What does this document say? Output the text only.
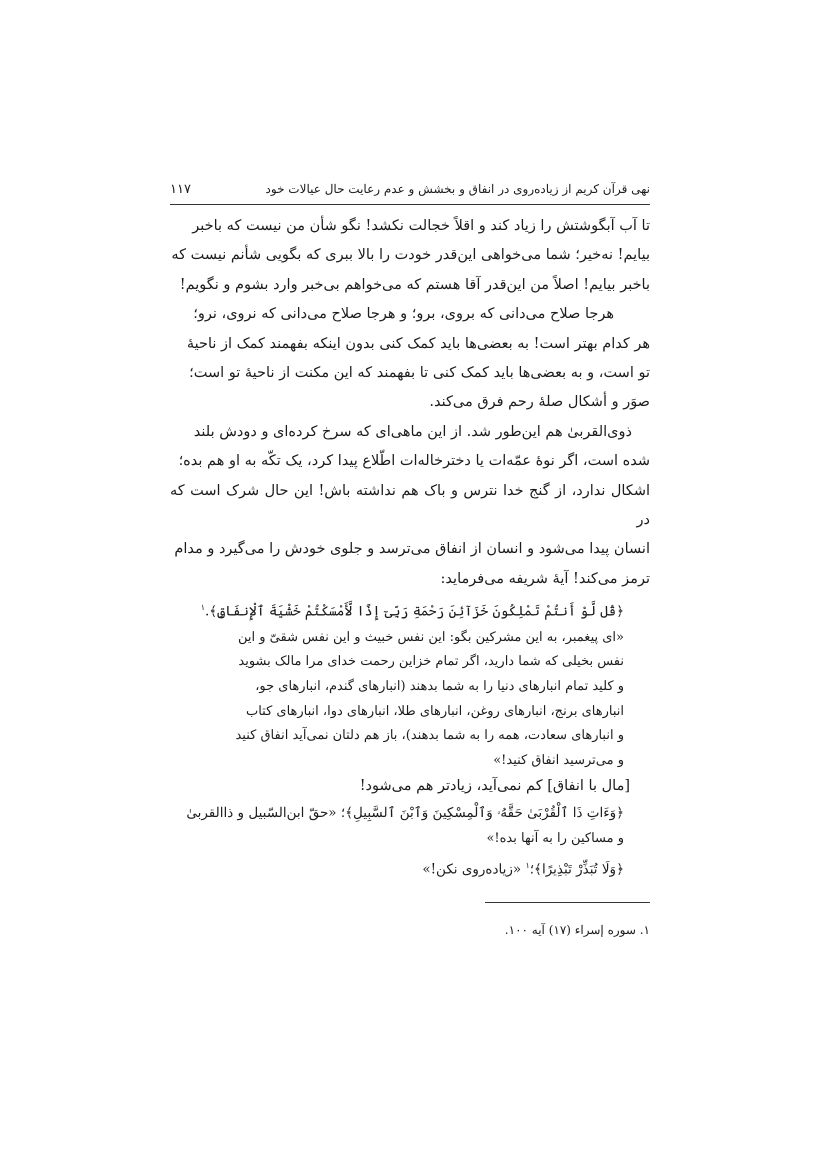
نهی قرآن کریم از زیاده‌روی در انفاق و بخشش و عدم رعایت حال عیالات خود
۱۱۷
تا آب آبگوشتش را زیاد کند و اقلاً خجالت نکشد! نگو شأن من نیست که باخبر
بیایم! نه‌خیر؛ شما می‌خواهی این‌قدر خودت را بالا ببری که بگویی شأنم نیست که
باخبر بیایم! اصلاً من این‌قدر آقا هستم که می‌خواهم بی‌خبر وارد بشوم و نگویم!
هرجا صلاح می‌دانی که بروی، برو؛ و هرجا صلاح می‌دانی که نروی، نرو؛
هر کدام بهتر است! به بعضی‌ها باید کمک کنی بدون اینکه بفهمند کمک از ناحیهٔ
تو است، و به بعضی‌ها باید کمک کنی تا بفهمند که این مکنت از ناحیهٔ تو است؛
صوَر و أشکال صلهٔ رحم فرق می‌کند.
ذوی‌القربیٰ هم این‌طور شد. از این ماهی‌ای که سرخ کرده‌ای و دودش بلند
شده است، اگر نوهٔ عمّه‌ات یا دخترخاله‌ات اطّلاع پیدا کرد، یک تکّه به او هم بده؛
اشکال ندارد، از گنج خدا نترس و باک هم نداشته باش! این حال شرک است که در
انسان پیدا می‌شود و انسان از انفاق می‌ترسد و جلوی خودش را می‌گیرد و مدام
ترمز می‌کند! آیهٔ شریفه می‌فرماید:
﴿قُل لَّوْ أَنتُمْ تَمْلِكُونَ خَزَآئِنَ رَحْمَةِ رَبِّىٓ إِذًا لَّأَمْسَكْتُمْ خَشْيَةَ ٱلْإِنفَاقِ﴾.$^۱$
«ای پیغمبر، به این مشرکین بگو: این نفس خبیث و این نفس شقیّ و این
نفس بخیلی که شما دارید، اگر تمام خزاین رحمت خدای مرا مالک بشوید
و کلید تمام انبارهای دنیا را به شما بدهند (انبارهای گندم، انبارهای جو،
انبارهای برنج، انبارهای روغن، انبارهای طلا، انبارهای دوا، انبارهای کتاب
و انبارهای سعادت، همه را به شما بدهند)، باز هم دلتان نمی‌آید انفاق کنید
و می‌ترسید انفاق کنید!»
[مال با انفاق] کم نمی‌آید، زیادتر هم می‌شود!
﴿وَءَاتِ ذَا ٱلْقُرْبَىٰ حَقَّهُۥ وَٱلْمِسْكِينَ وَٱبْنَ ٱلسَّبِيلِ﴾؛ «حقّ ابن‌السّبیل و ذاالقربیٰ
و مساکین را به آنها بده!»
﴿وَلَا تُبَذِّرْ تَبْذِيرًا﴾؛$^۱$ «زیاده‌روی نکن!»
۱. سوره إسراء (۱۷) آیه ۱۰۰.
